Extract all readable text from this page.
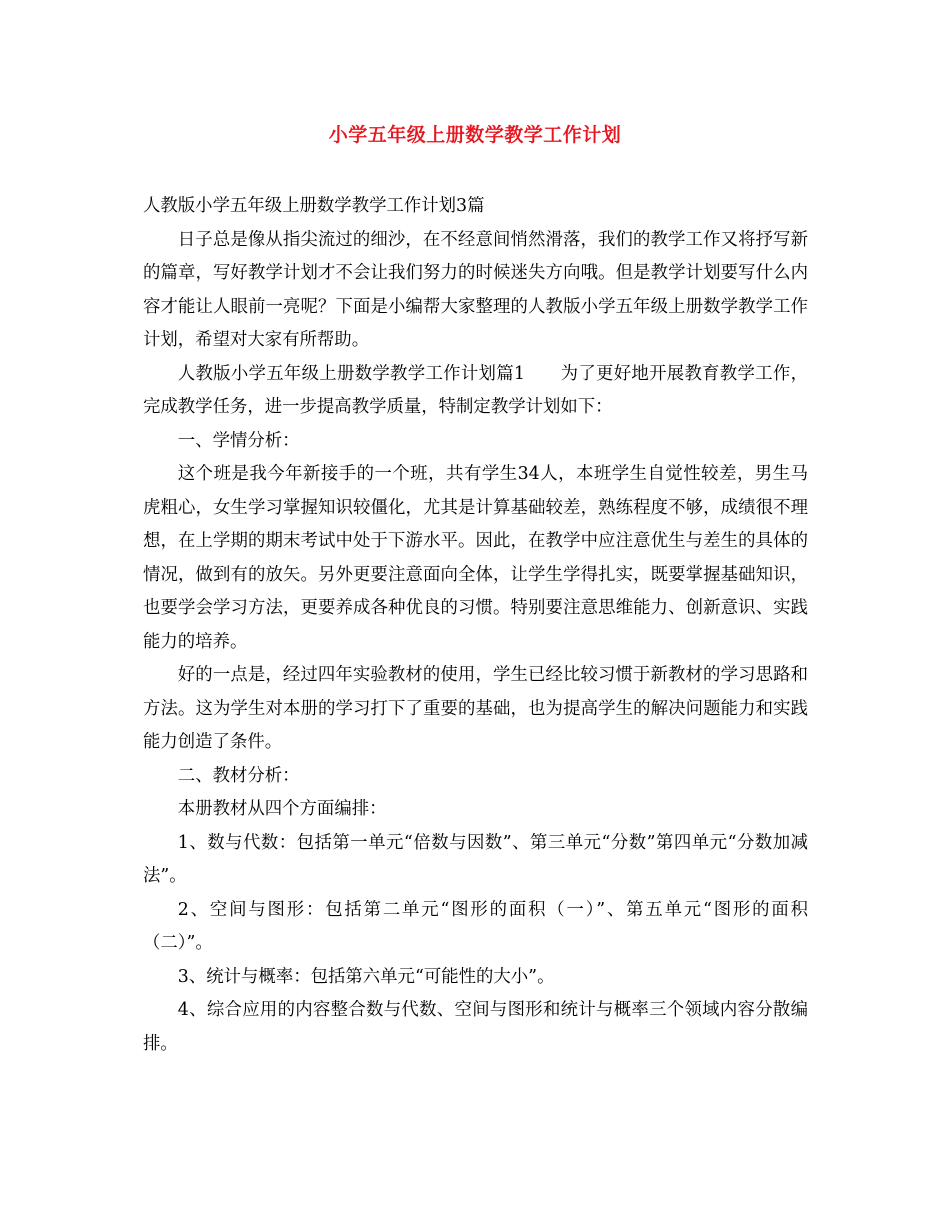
小学五年级上册数学教学工作计划

人教版小学五年级上册数学教学工作计划3篇

日子总是像从指尖流过的细沙，在不经意间悄然滑落，我们的教学工作又将抒写新的篇章，写好教学计划才不会让我们努力的时候迷失方向哦。但是教学计划要写什么内容才能让人眼前一亮呢？下面是小编帮大家整理的人教版小学五年级上册数学教学工作计划，希望对大家有所帮助。

人教版小学五年级上册数学教学工作计划篇1　　为了更好地开展教育教学工作，完成教学任务，进一步提高教学质量，特制定教学计划如下：

一、学情分析：

这个班是我今年新接手的一个班，共有学生34人，本班学生自觉性较差，男生马虎粗心，女生学习掌握知识较僵化，尤其是计算基础较差，熟练程度不够，成绩很不理想，在上学期的期末考试中处于下游水平。因此，在教学中应注意优生与差生的具体的情况，做到有的放矢。另外更要注意面向全体，让学生学得扎实，既要掌握基础知识，也要学会学习方法，更要养成各种优良的习惯。特别要注意思维能力、创新意识、实践能力的培养。

好的一点是，经过四年实验教材的使用，学生已经比较习惯于新教材的学习思路和方法。这为学生对本册的学习打下了重要的基础，也为提高学生的解决问题能力和实践能力创造了条件。

二、教材分析：

本册教材从四个方面编排：

1、数与代数：包括第一单元“倍数与因数”、第三单元“分数”第四单元“分数加减法”。

2、空间与图形：包括第二单元“图形的面积（一）”、第五单元“图形的面积（二）”。

3、统计与概率：包括第六单元“可能性的大小”。

4、综合应用的内容整合数与代数、空间与图形和统计与概率三个领域内容分散编排。
